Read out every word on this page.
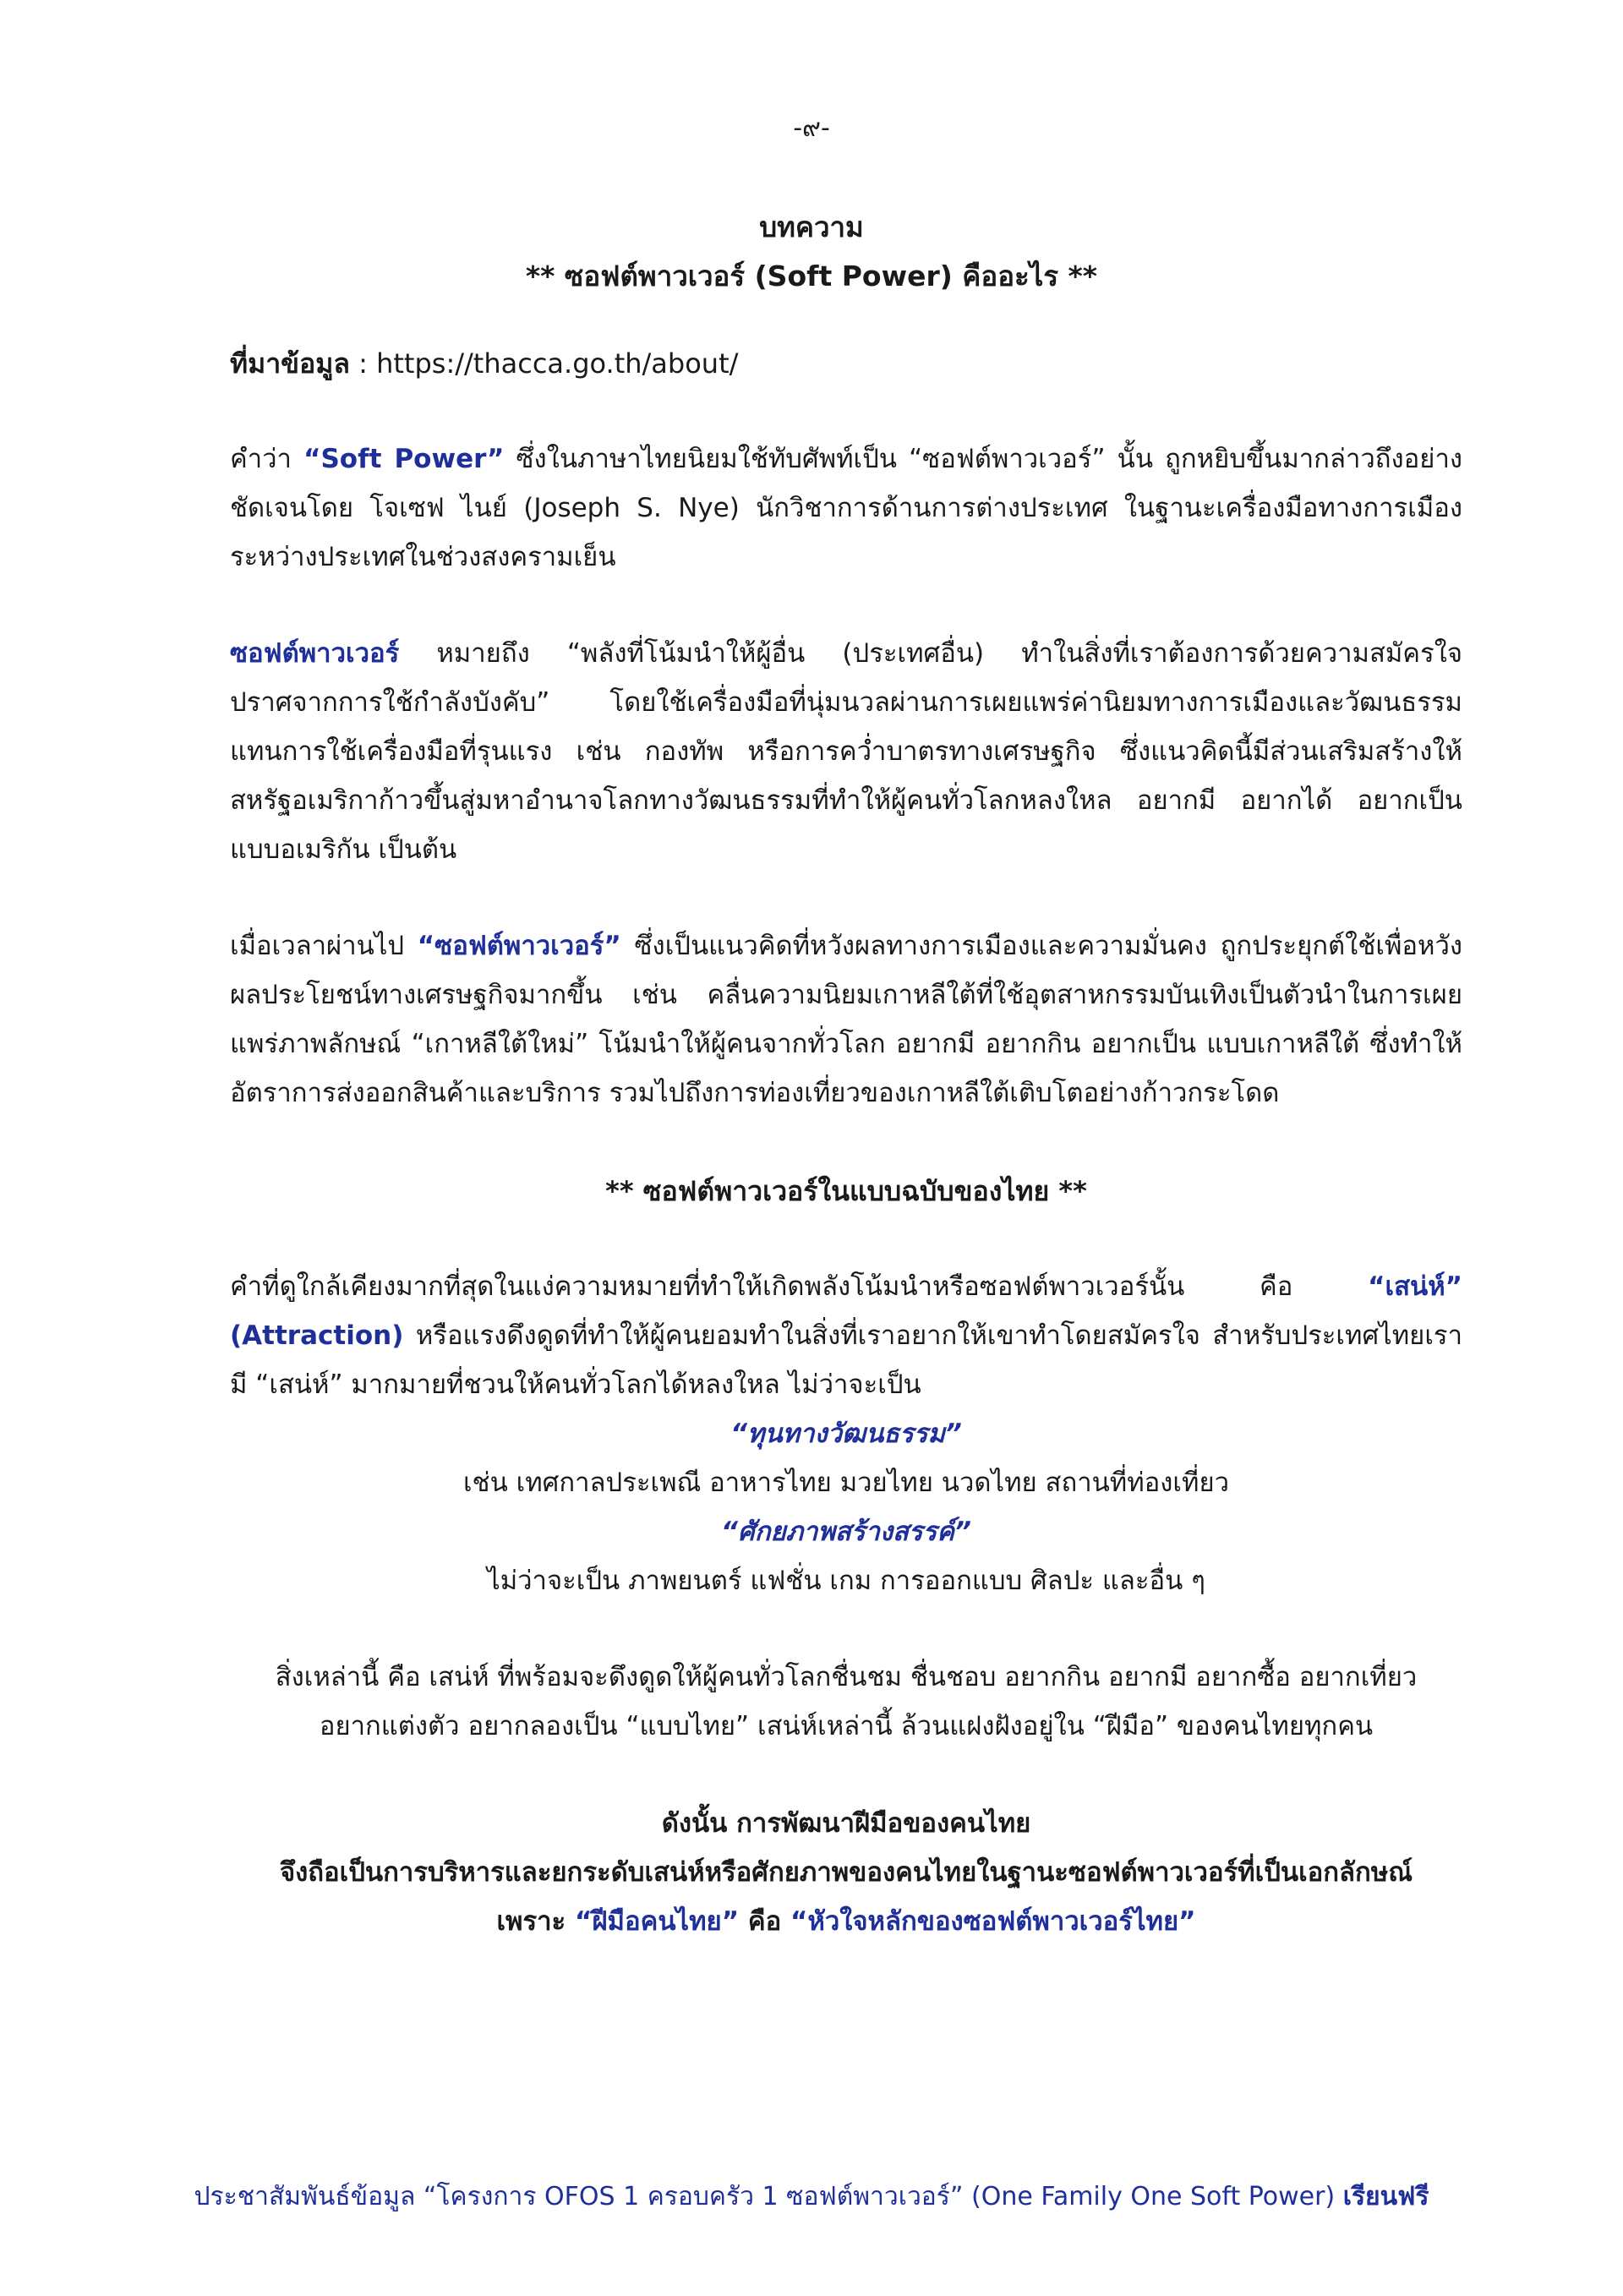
-๙-
บทความ
** ซอฟต์พาวเวอร์ (Soft Power) คืออะไร **
ที่มาข้อมูล : https://thacca.go.th/about/
คำว่า “Soft Power” ซึ่งในภาษาไทยนิยมใช้ทับศัพท์เป็น “ซอฟต์พาวเวอร์” นั้น ถูกหยิบขึ้นมากล่าวถึงอย่างชัดเจนโดย โจเซฟ ไนย์ (Joseph S. Nye) นักวิชาการด้านการต่างประเทศ ในฐานะเครื่องมือทางการเมืองระหว่างประเทศในช่วงสงครามเย็น
ซอฟต์พาวเวอร์ หมายถึง “พลังที่โน้มนำให้ผู้อื่น (ประเทศอื่น) ทำในสิ่งที่เราต้องการด้วยความสมัครใจ ปราศจากการใช้กำลังบังคับ” โดยใช้เครื่องมือที่นุ่มนวลผ่านการเผยแพร่ค่านิยมทางการเมืองและวัฒนธรรม แทนการใช้เครื่องมือที่รุนแรง เช่น กองทัพ หรือการคว่ำบาตรทางเศรษฐกิจ ซึ่งแนวคิดนี้มีส่วนเสริมสร้างให้สหรัฐอเมริกาก้าวขึ้นสู่มหาอำนาจโลกทางวัฒนธรรมที่ทำให้ผู้คนทั่วโลกหลงใหล อยากมี อยากได้ อยากเป็นแบบอเมริกัน เป็นต้น
เมื่อเวลาผ่านไป “ซอฟต์พาวเวอร์” ซึ่งเป็นแนวคิดที่หวังผลทางการเมืองและความมั่นคง ถูกประยุกต์ใช้เพื่อหวังผลประโยชน์ทางเศรษฐกิจมากขึ้น เช่น คลื่นความนิยมเกาหลีใต้ที่ใช้อุตสาหกรรมบันเทิงเป็นตัวนำในการเผยแพร่ภาพลักษณ์ “เกาหลีใต้ใหม่” โน้มนำให้ผู้คนจากทั่วโลก อยากมี อยากกิน อยากเป็น แบบเกาหลีใต้ ซึ่งทำให้อัตราการส่งออกสินค้าและบริการ รวมไปถึงการท่องเที่ยวของเกาหลีใต้เติบโตอย่างก้าวกระโดด
** ซอฟต์พาวเวอร์ในแบบฉบับของไทย **
คำที่ดูใกล้เคียงมากที่สุดในแง่ความหมายที่ทำให้เกิดพลังโน้มนำหรือซอฟต์พาวเวอร์นั้น คือ “เสน่ห์” (Attraction) หรือแรงดึงดูดที่ทำให้ผู้คนยอมทำในสิ่งที่เราอยากให้เขาทำโดยสมัครใจ สำหรับประเทศไทยเรามี “เสน่ห์” มากมายที่ชวนให้คนทั่วโลกได้หลงใหล ไม่ว่าจะเป็น
“ทุนทางวัฒนธรรม”
เช่น เทศกาลประเพณี อาหารไทย มวยไทย นวดไทย สถานที่ท่องเที่ยว
“ศักยภาพสร้างสรรค์”
ไม่ว่าจะเป็น ภาพยนตร์ แฟชั่น เกม การออกแบบ ศิลปะ และอื่น ๆ
สิ่งเหล่านี้ คือ เสน่ห์ ที่พร้อมจะดึงดูดให้ผู้คนทั่วโลกชื่นชม ชื่นชอบ อยากกิน อยากมี อยากซื้อ อยากเที่ยว
อยากแต่งตัว อยากลองเป็น “แบบไทย” เสน่ห์เหล่านี้ ล้วนแฝงฝังอยู่ใน “ฝีมือ” ของคนไทยทุกคน
ดังนั้น การพัฒนาฝีมือของคนไทย
จึงถือเป็นการบริหารและยกระดับเสน่ห์หรือศักยภาพของคนไทยในฐานะซอฟต์พาวเวอร์ที่เป็นเอกลักษณ์
เพราะ “ฝีมือคนไทย” คือ “หัวใจหลักของซอฟต์พาวเวอร์ไทย”
ประชาสัมพันธ์ข้อมูล “โครงการ OFOS 1 ครอบครัว 1 ซอฟต์พาวเวอร์” (One Family One Soft Power) เรียนฟรี
